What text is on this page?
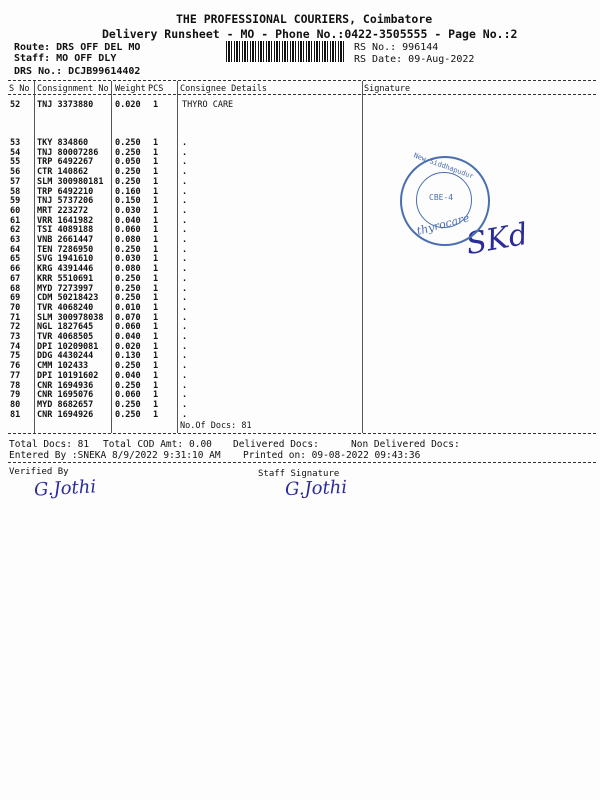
THE PROFESSIONAL COURIERS, Coimbatore
Delivery Runsheet - MO - Phone No.:0422-3505555 - Page No.:2
Route: DRS OFF DEL MO
Staff: MO OFF DLY
DRS No.: DCJB99614402
RS No.: 996144
RS Date: 09-Aug-2022
S No Consignment No Weight PCS Consignee Details	Signature
52 TNJ 3373880	0.020 1	THYRO CARE
53 TKY 834860	0.250 1	.
54 TNJ 80007286 0.250 1	.
55 TRP 6492267	0.050 1	.
56 CTR 140862	0.250 1	.
57 SLM 300980181 0.250 1	.
58 TRP 6492210	0.160 1	.
59 TNJ 5737206	0.150 1	.
60 MRT 223272	0.030 1	.
61 VRR 1641982	0.040 1	.
62 TSI 4089188	0.060 1	.
63 VNB 2661447	0.080 1	.
64 TEN 7286950	0.250 1	.
65 SVG 1941610	0.030 1	.
66 KRG 4391446	0.080 1	.
67 KRR 5510691	0.250 1	.
68 MYD 7273997	0.250 1	.
69 CDM 50218423 0.250 1	.
70 TVR 4068240	0.010 1	.
71 SLM 300978038 0.070 1	.
72 NGL 1827645	0.060 1	.
73 TVR 4068505	0.040 1	.
74 DPI 10209081 0.020 1	.
75 DDG 4430244	0.130 1	.
76 CMM 102433	0.250 1	.
77 DPI 10191602 0.040 1	.
78 CNR 1694936	0.250 1	.
79 CNR 1695076	0.060 1	.
80 MYD 8682657	0.250 1	.
81 CNR 1694926	0.250 1	.
No.Of Docs: 81
Total Docs: 81 Total COD Amt: 0.00 Delivered Docs:	Non Delivered Docs:
Entered By :SNEKA 8/9/2022 9:31:10 AM Printed on: 09-08-2022 09:43:36
Verified By	Staff Signature
G.Jothi	G.Jothi
SKd
New Siddhapudur
CBE-4
thyrocare
